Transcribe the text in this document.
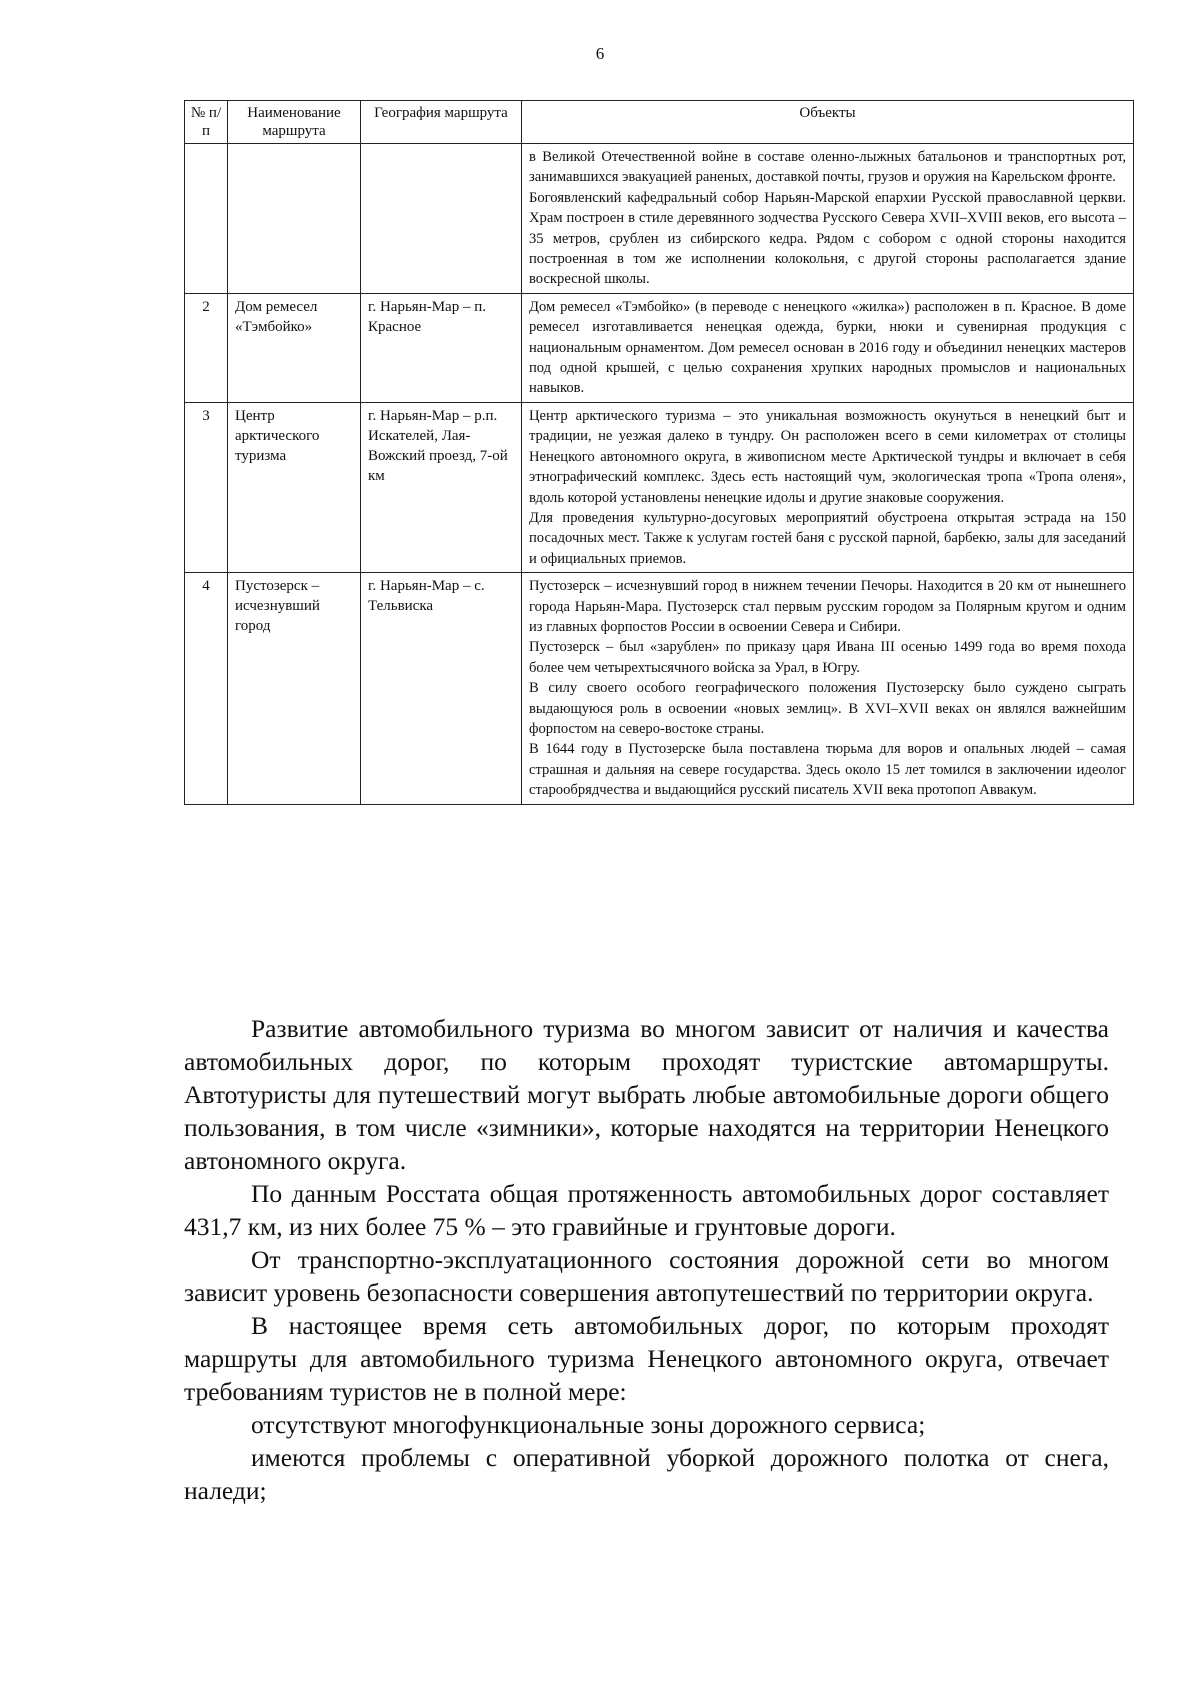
6
№ п/п	Наименование маршрута	География маршрута	Объекты

			в Великой Отечественной войне в составе оленно-лыжных батальонов и транспортных рот, занимавшихся эвакуацией раненых, доставкой почты, грузов и оружия на Карельском фронте.

Богоявленский кафедральный собор Нарьян-Марской епархии Русской православной церкви. Храм построен в стиле деревянного зодчества Русского Севера XVII–XVIII веков, его высота – 35 метров, срублен из сибирского кедра. Рядом с собором с одной стороны находится построенная в том же исполнении колокольня, с другой стороны располагается здание воскресной школы.

2	Дом ремесел «Тэмбойко»	г. Нарьян-Мар – п. Красное	Дом ремесел «Тэмбойко» (в переводе с ненецкого «жилка») расположен в п. Красное. В доме ремесел изготавливается ненецкая одежда, бурки, нюки и сувенирная продукция с национальным орнаментом. Дом ремесел основан в 2016 году и объединил ненецких мастеров под одной крышей, с целью сохранения хрупких народных промыслов и национальных навыков.

3	Центр арктического туризма	г. Нарьян-Мар – р.п. Искателей, Лая-Вожский проезд, 7-ой км	Центр арктического туризма – это уникальная возможность окунуться в ненецкий быт и традиции, не уезжая далеко в тундру. Он расположен всего в семи километрах от столицы Ненецкого автономного округа, в живописном месте Арктической тундры и включает в себя этнографический комплекс. Здесь есть настоящий чум, экологическая тропа «Тропа оленя», вдоль которой установлены ненецкие идолы и другие знаковые сооружения.

Для проведения культурно-досуговых мероприятий обустроена открытая эстрада на 150 посадочных мест. Также к услугам гостей баня с русской парной, барбекю, залы для заседаний и официальных приемов.

4	Пустозерск – исчезнувший город	г. Нарьян-Мар – с. Тельвиска	Пустозерск – исчезнувший город в нижнем течении Печоры. Находится в 20 км от нынешнего города Нарьян-Мара. Пустозерск стал первым русским городом за Полярным кругом и одним из главных форпостов России в освоении Севера и Сибири.

Пустозерск – был «зарублен» по приказу царя Ивана III осенью 1499 года во время похода более чем четырехтысячного войска за Урал, в Югру.

В силу своего особого географического положения Пустозерску было суждено сыграть выдающуюся роль в освоении «новых землиц». В XVI–XVII веках он являлся важнейшим форпостом на северо-востоке страны.

В 1644 году в Пустозерске была поставлена тюрьма для воров и опальных людей – самая страшная и дальняя на севере государства. Здесь около 15 лет томился в заключении идеолог старообрядчества и выдающийся русский писатель XVII века протопоп Аввакум.

Развитие автомобильного туризма во многом зависит от наличия и качества автомобильных дорог, по которым проходят туристские автомаршруты. Автотуристы для путешествий могут выбрать любые автомобильные дороги общего пользования, в том числе «зимники», которые находятся на территории Ненецкого автономного округа.

По данным Росстата общая протяженность автомобильных дорог составляет 431,7 км, из них более 75 % – это гравийные и грунтовые дороги.

От транспортно-эксплуатационного состояния дорожной сети во многом зависит уровень безопасности совершения автопутешествий по территории округа.

В настоящее время сеть автомобильных дорог, по которым проходят маршруты для автомобильного туризма Ненецкого автономного округа, отвечает требованиям туристов не в полной мере:

отсутствуют многофункциональные зоны дорожного сервиса;

имеются проблемы с оперативной уборкой дорожного полотка от снега, наледи;
